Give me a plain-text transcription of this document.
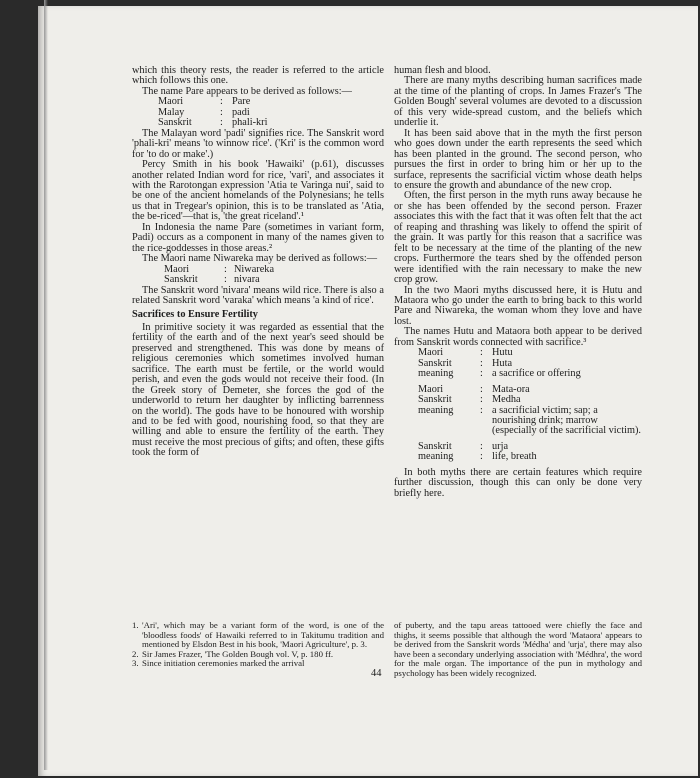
which this theory rests, the reader is referred to the article which follows this one.

The name Pare appears to be derived as follows:—

Maori	: Pare
Malay	: padi
Sanskrit	: phali-kri

The Malayan word 'padi' signifies rice. The Sanskrit word 'phali-kri' means 'to winnow rice'. ('Kri' is the common word for 'to do or make'.)

Percy Smith in his book 'Hawaiki' (p.61), discusses another related Indian word for rice, 'vari', and associates it with the Rarotongan expression 'Atia te Varinga nui', said to be one of the ancient homelands of the Polynesians; he tells us that in Tregear's opinion, this is to be translated as 'Atia, the be-riced'—that is, 'the great riceland'.¹

In Indonesia the name Pare (sometimes in variant form, Padi) occurs as a component in many of the names given to the rice-goddesses in those areas.²

The Maori name Niwareka may be derived as follows:—

Maori	: Niwareka
Sanskrit	: nivara

The Sanskrit word 'nivara' means wild rice. There is also a related Sanskrit word 'varaka' which means 'a kind of rice'.

Sacrifices to Ensure Fertility

In primitive society it was regarded as essential that the fertility of the earth and of the next year's seed should be preserved and strengthened. This was done by means of religious ceremonies which sometimes involved human sacrifice. The earth must be fertile, or the world would perish, and even the gods would not receive their food. (In the Greek story of Demeter, she forces the god of the underworld to return her daughter by inflicting barrenness on the world). The gods have to be honoured with worship and to be fed with good, nourishing food, so that they are willing and able to ensure the fertility of the earth. They must receive the most precious of gifts; and often, these gifts took the form of

human flesh and blood.

There are many myths describing human sacrifices made at the time of the planting of crops. In James Frazer's 'The Golden Bough' several volumes are devoted to a discussion of this very wide-spread custom, and the beliefs which underlie it.

It has been said above that in the myth the first person who goes down under the earth represents the seed which has been planted in the ground. The second person, who pursues the first in order to bring him or her up to the surface, represents the sacrificial victim whose death helps to ensure the growth and abundance of the new crop.

Often, the first person in the myth runs away because he or she has been offended by the second person. Frazer associates this with the fact that it was often felt that the act of reaping and thrashing was likely to offend the spirit of the grain. It was partly for this reason that a sacrifice was felt to be necessary at the time of the planting of the new crops. Furthermore the tears shed by the offended person were identified with the rain necessary to make the new crop grow.

In the two Maori myths discussed here, it is Hutu and Mataora who go under the earth to bring back to this world Pare and Niwareka, the woman whom they love and have lost.

The names Hutu and Mataora both appear to be derived from Sanskrit words connected with sacrifice.³

Maori	: Hutu
Sanskrit	: Huta
meaning	: a sacrifice or offering
Maori	: Mata-ora
Sanskrit	: Medha
meaning	: a sacrificial victim; sap; a nourishing drink; marrow (especially of the sacrificial victim).
Sanskrit	: urja
meaning	: life, breath

In both myths there are certain features which require further discussion, though this can only be done very briefly here.

1. 'Ari', which may be a variant form of the word, is one of the 'bloodless foods' of Hawaiki referred to in Takitumu tradition and mentioned by Elsdon Best in his book, 'Maori Agriculture', p. 3.
2. Sir James Frazer, 'The Golden Bough vol. V, p. 180 ff.
3. Since initiation ceremonies marked the arrival
of puberty, and the tapu areas tattooed were chiefly the face and thighs, it seems possible that although the word 'Mataora' appears to be derived from the Sanskrit words 'Médha' and 'urja', there may also have been a secondary underlying association with 'Médhra', the word for the male organ. The importance of the pun in mythology and psychology has been widely recognized.
44
